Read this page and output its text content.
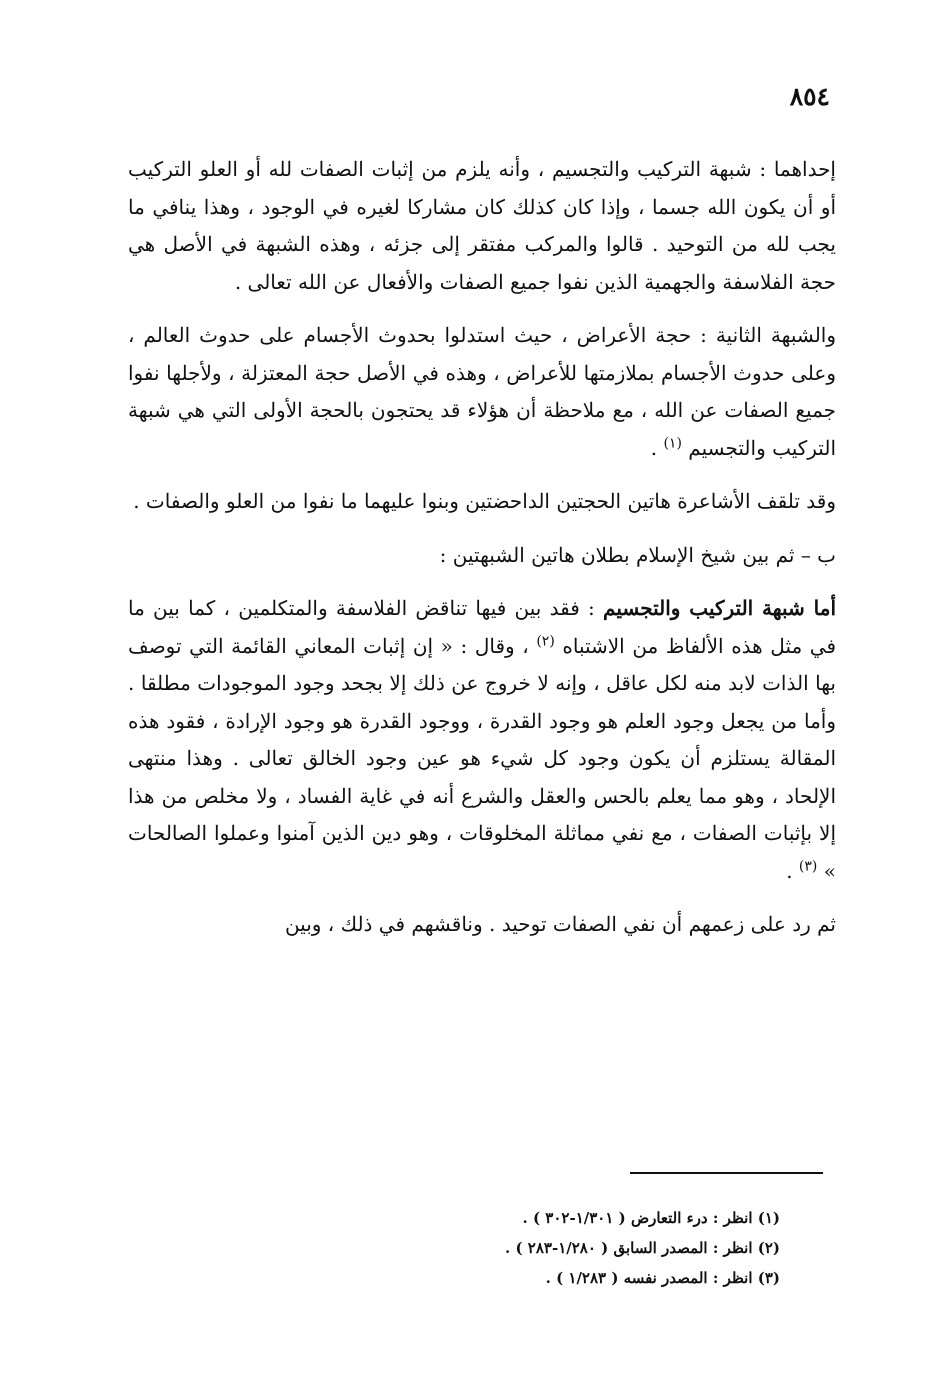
٨٥٤

إحداهما : شبهة التركيب والتجسيم ، وأنه يلزم من إثبات الصفات لله أو العلو التركيب أو أن يكون الله جسما ، وإذا كان كذلك كان مشاركا لغيره في الوجود ، وهذا ينافي ما يجب لله من التوحيد . قالوا والمركب مفتقر إلى جزئه ، وهذه الشبهة في الأصل هي حجة الفلاسفة والجهمية الذين نفوا جميع الصفات والأفعال عن الله تعالى .

والشبهة الثانية : حجة الأعراض ، حيث استدلوا بحدوث الأجسام على حدوث العالم ، وعلى حدوث الأجسام بملازمتها للأعراض ، وهذه في الأصل حجة المعتزلة ، ولأجلها نفوا جميع الصفات عن الله ، مع ملاحظة أن هؤلاء قد يحتجون بالحجة الأولى التي هي شبهة التركيب والتجسيم $^{(١)}$ .

وقد تلقف الأشاعرة هاتين الحجتين الداحضتين وبنوا عليهما ما نفوا من العلو والصفات .

ب – ثم بين شيخ الإسلام بطلان هاتين الشبهتين :

أما شبهة التركيب والتجسيم : فقد بين فيها تناقض الفلاسفة والمتكلمين ، كما بين ما في مثل هذه الألفاظ من الاشتباه $^{(٢)}$ ، وقال : « إن إثبات المعاني القائمة التي توصف بها الذات لابد منه لكل عاقل ، وإنه لا خروج عن ذلك إلا بجحد وجود الموجودات مطلقا . وأما من يجعل وجود العلم هو وجود القدرة ، ووجود القدرة هو وجود الإرادة ، فقود هذه المقالة يستلزم أن يكون وجود كل شيء هو عين وجود الخالق تعالى . وهذا منتهى الإلحاد ، وهو مما يعلم بالحس والعقل والشرع أنه في غاية الفساد ، ولا مخلص من هذا إلا بإثبات الصفات ، مع نفي مماثلة المخلوقات ، وهو دين الذين آمنوا وعملوا الصالحات » $^{(٣)}$ .

ثم رد على زعمهم أن نفي الصفات توحيد . وناقشهم في ذلك ، وبين

(١) انظر : درء التعارض ( ١/٣٠١-٣٠٢ ) .
(٢) انظر : المصدر السابق ( ١/٢٨٠-٢٨٣ ) .
(٣) انظر : المصدر نفسه ( ١/٢٨٣ ) .
